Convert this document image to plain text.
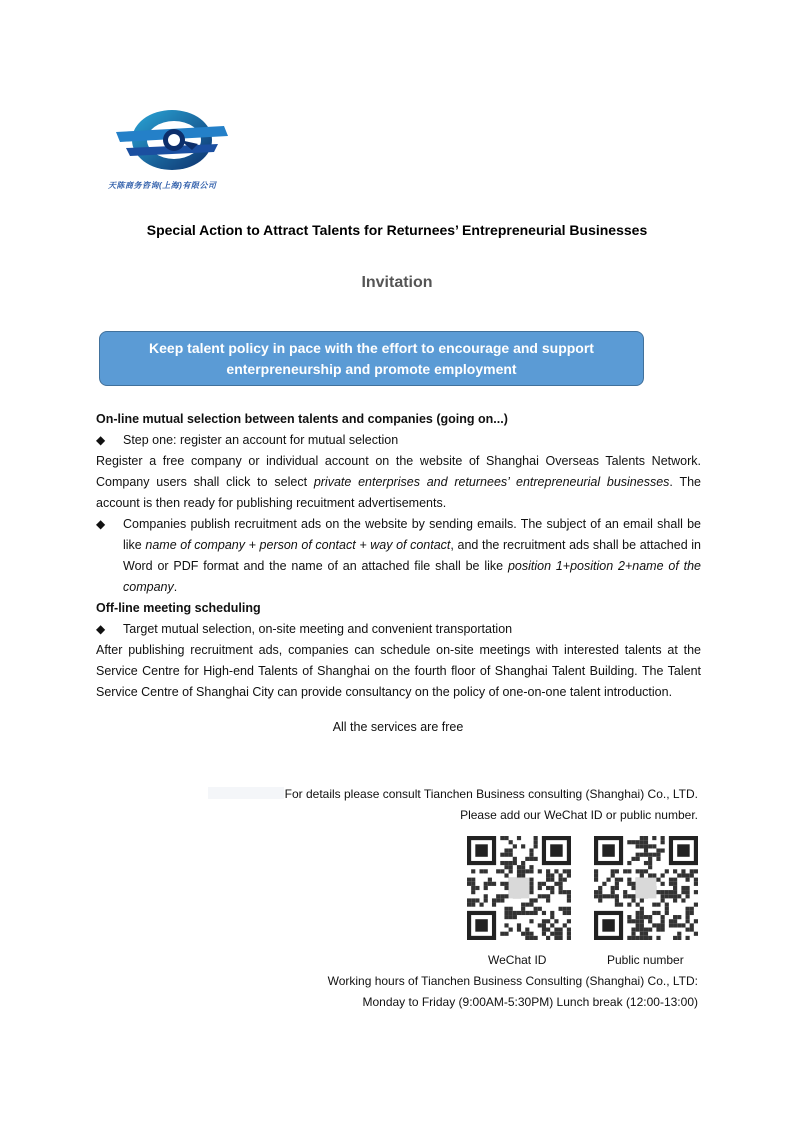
天陈商务咨询(上海)有限公司
Special Action to Attract Talents for Returnees’ Entrepreneurial Businesses
Invitation
Keep talent policy in pace with the effort to encourage and support enterpreneurship and promote employment

On-line mutual selection between talents and companies (going on...)

◆ Step one: register an account for mutual selection

Register a free company or individual account on the website of Shanghai Overseas Talents Network. Company users shall click to select private enterprises and returnees’ entrepreneurial businesses. The account is then ready for publishing recuitment advertisements.

◆ Companies publish recruitment ads on the website by sending emails. The subject of an email shall be like name of company + person of contact + way of contact, and the recruitment ads shall be attached in Word or PDF format and the name of an attached file shall be like position 1+position 2+name of the company.

Off-line meeting scheduling

◆ Target mutual selection, on-site meeting and convenient transportation

After publishing recruitment ads, companies can schedule on-site meetings with interested talents at the Service Centre for High-end Talents of Shanghai on the fourth floor of Shanghai Talent Building. The Talent Service Centre of Shanghai City can provide consultancy on the policy of one-on-one talent introduction.

All the services are free
For details please consult Tianchen Business consulting (Shanghai) Co., LTD.
Please add our WeChat ID or public number.
WeChat ID	Public number
Working hours of Tianchen Business Consulting (Shanghai) Co., LTD:
Monday to Friday (9:00AM-5:30PM) Lunch break (12:00-13:00)
